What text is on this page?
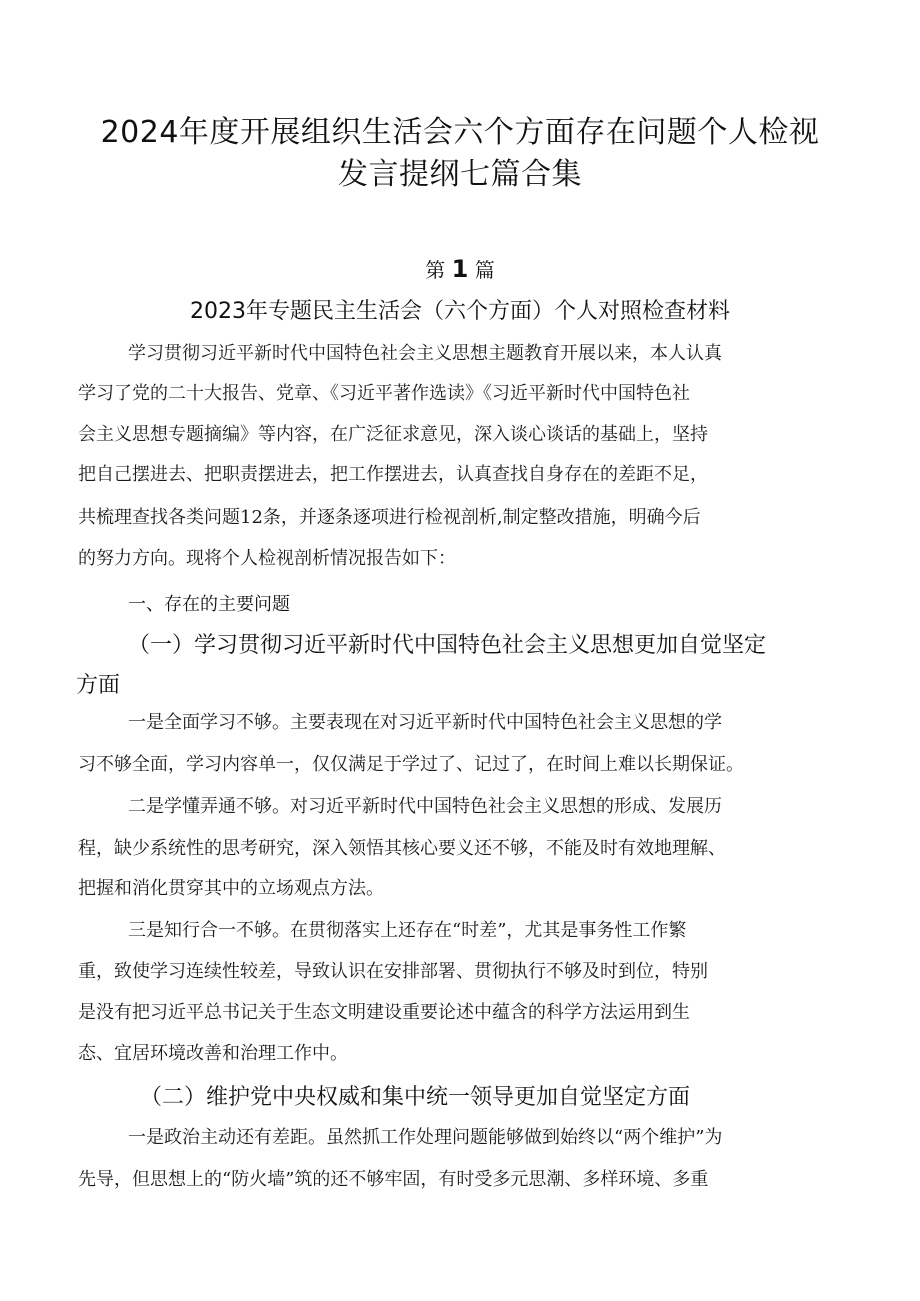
2024年度开展组织生活会六个方面存在问题个人检视
发言提纲七篇合集
第 1 篇
2023年专题民主生活会（六个方面）个人对照检查材料
学习贯彻习近平新时代中国特色社会主义思想主题教育开展以来，本人认真
学习了党的二十大报告、党章、《习近平著作选读》《习近平新时代中国特色社
会主义思想专题摘编》等内容，在广泛征求意见，深入谈心谈话的基础上，坚持
把自己摆进去、把职责摆进去，把工作摆进去，认真查找自身存在的差距不足，
共梳理查找各类问题12条，并逐条逐项进行检视剖析,制定整改措施，明确今后
的努力方向。现将个人检视剖析情况报告如下：
一、存在的主要问题
（一）学习贯彻习近平新时代中国特色社会主义思想更加自觉坚定
方面
一是全面学习不够。主要表现在对习近平新时代中国特色社会主义思想的学
习不够全面，学习内容单一，仅仅满足于学过了、记过了，在时间上难以长期保证。
二是学懂弄通不够。对习近平新时代中国特色社会主义思想的形成、发展历
程，缺少系统性的思考研究，深入领悟其核心要义还不够，不能及时有效地理解、
把握和消化贯穿其中的立场观点方法。
三是知行合一不够。在贯彻落实上还存在“时差”，尤其是事务性工作繁
重，致使学习连续性较差，导致认识在安排部署、贯彻执行不够及时到位，特别
是没有把习近平总书记关于生态文明建设重要论述中蕴含的科学方法运用到生
态、宜居环境改善和治理工作中。
（二）维护党中央权威和集中统一领导更加自觉坚定方面
一是政治主动还有差距。虽然抓工作处理问题能够做到始终以“两个维护”为
先导，但思想上的“防火墙”筑的还不够牢固，有时受多元思潮、多样环境、多重
